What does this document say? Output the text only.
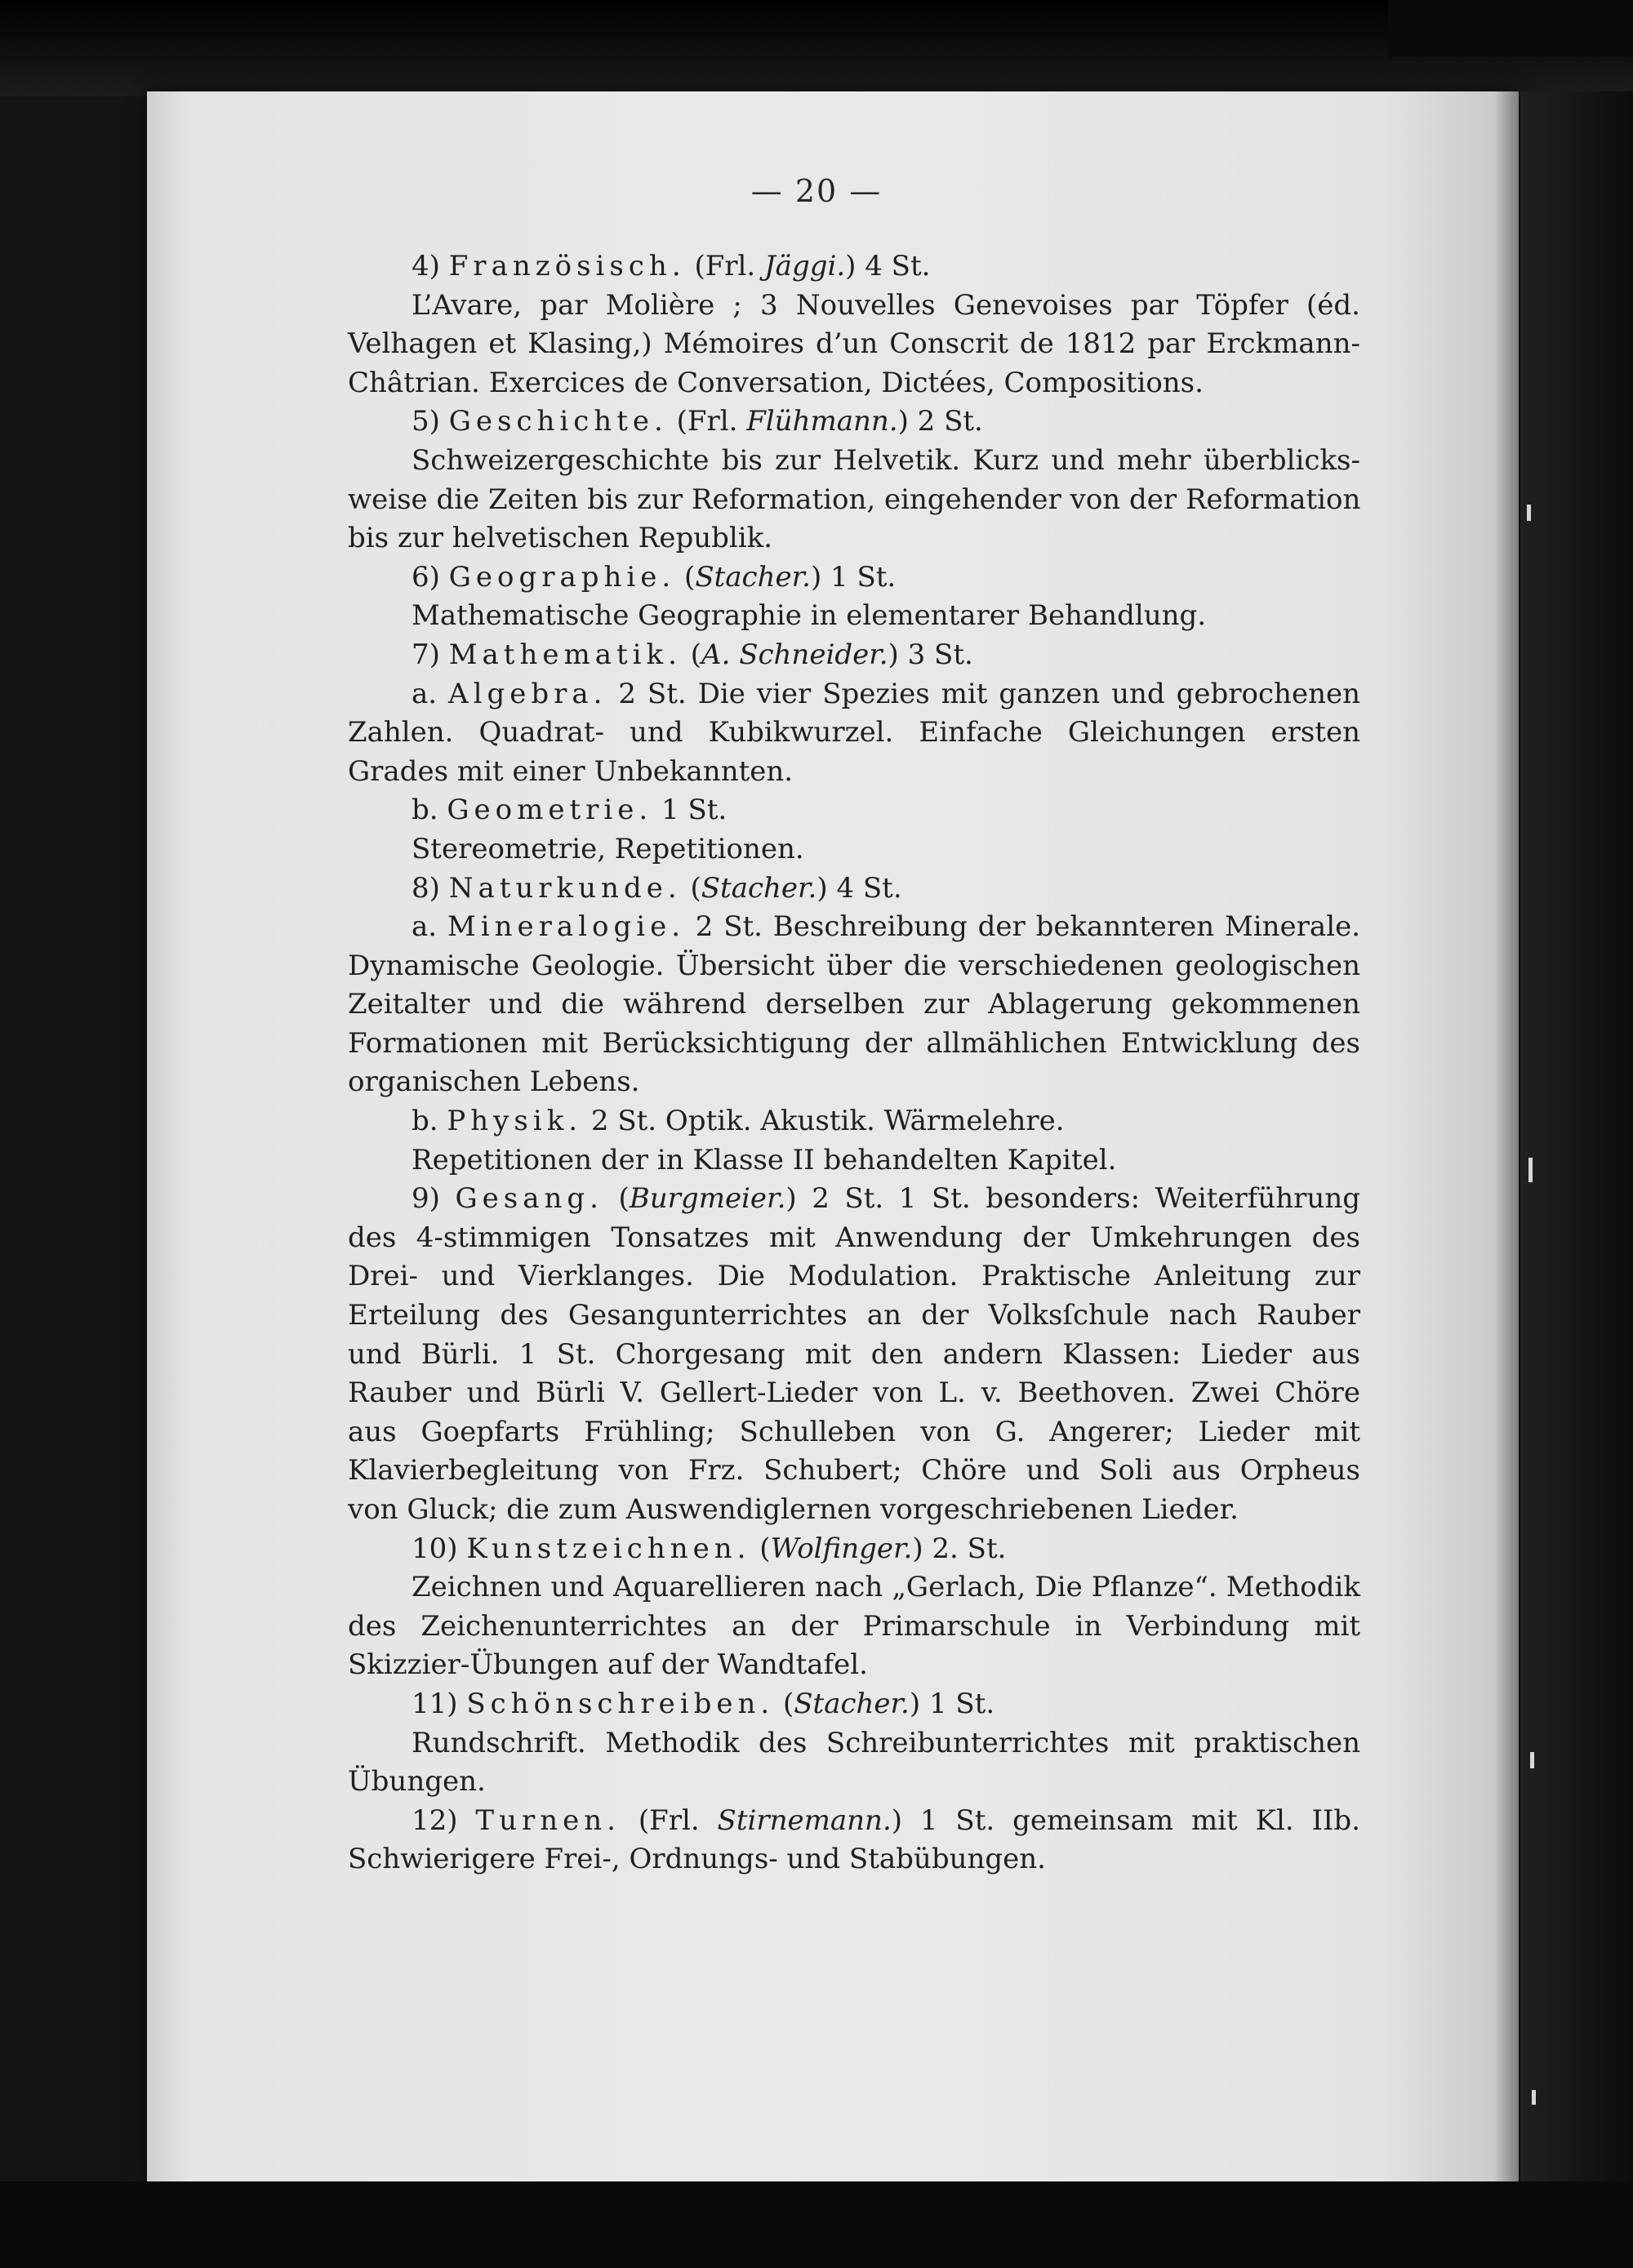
— 20 —
4) Französisch. (Frl. Jäggi.) 4 St.
L’Avare, par Molière ; 3 Nouvelles Genevoises par Töpfer (éd.
Velhagen et Klasing,) Mémoires d’un Conscrit de 1812 par Erckmann-
Châtrian. Exercices de Conversation, Dictées, Compositions.
5) Geschichte. (Frl. Flühmann.) 2 St.
Schweizergeschichte bis zur Helvetik. Kurz und mehr überblicks-
weise die Zeiten bis zur Reformation, eingehender von der Reformation
bis zur helvetischen Republik.
6) Geographie. (Stacher.) 1 St.
Mathematische Geographie in elementarer Behandlung.
7) Mathematik. (A. Schneider.) 3 St.
a. Algebra. 2 St. Die vier Spezies mit ganzen und gebrochenen
Zahlen. Quadrat- und Kubikwurzel. Einfache Gleichungen ersten
Grades mit einer Unbekannten.
b. Geometrie. 1 St.
Stereometrie, Repetitionen.
8) Naturkunde. (Stacher.) 4 St.
a. Mineralogie. 2 St. Beschreibung der bekannteren Minerale.
Dynamische Geologie. Übersicht über die verschiedenen geologischen
Zeitalter und die während derselben zur Ablagerung gekommenen
Formationen mit Berücksichtigung der allmählichen Entwicklung des
organischen Lebens.
b. Physik. 2 St. Optik. Akustik. Wärmelehre.
Repetitionen der in Klasse II behandelten Kapitel.
9) Gesang. (Burgmeier.) 2 St. 1 St. besonders: Weiterführung
des 4-stimmigen Tonsatzes mit Anwendung der Umkehrungen des
Drei- und Vierklanges. Die Modulation. Praktische Anleitung zur
Erteilung des Gesangunterrichtes an der Volksſchule nach Rauber
und Bürli. 1 St. Chorgesang mit den andern Klassen: Lieder aus
Rauber und Bürli V. Gellert-Lieder von L. v. Beethoven. Zwei Chöre
aus Goepfarts Frühling; Schulleben von G. Angerer; Lieder mit
Klavierbegleitung von Frz. Schubert; Chöre und Soli aus Orpheus
von Gluck; die zum Auswendiglernen vorgeschriebenen Lieder.
10) Kunstzeichnen. (Wolfinger.) 2. St.
Zeichnen und Aquarellieren nach „Gerlach, Die Pflanze“. Methodik
des Zeichenunterrichtes an der Primarschule in Verbindung mit
Skizzier-Übungen auf der Wandtafel.
11) Schönschreiben. (Stacher.) 1 St.
Rundschrift. Methodik des Schreibunterrichtes mit praktischen
Übungen.
12) Turnen. (Frl. Stirnemann.) 1 St. gemeinsam mit Kl. IIb.
Schwierigere Frei-, Ordnungs- und Stabübungen.
